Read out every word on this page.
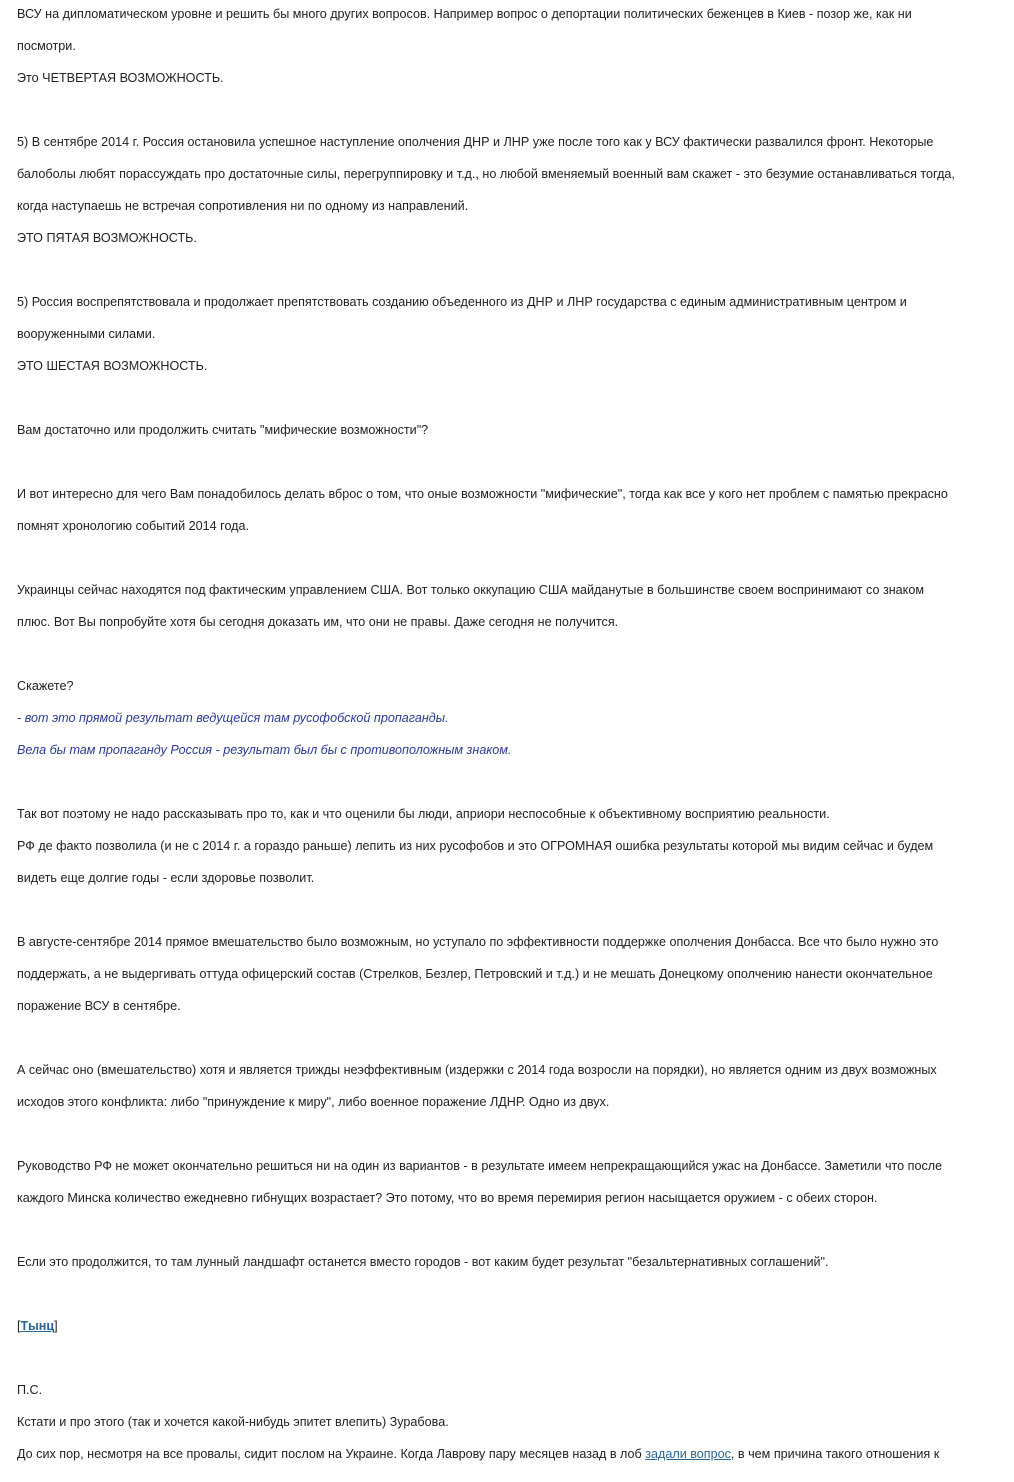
ВСУ на дипломатическом уровне и решить бы много других вопросов. Например вопрос о депортации политических беженцев в Киев - позор же, как ни

посмотри.

Это ЧЕТВЕРТАЯ ВОЗМОЖНОСТЬ.

5) В сентябре 2014 г. Россия остановила успешное наступление ополчения ДНР и ЛНР уже после того как у ВСУ фактически развалился фронт. Некоторые

балоболы любят порассуждать про достаточные силы, перегруппировку и т.д., но любой вменяемый военный вам скажет - это безумие останавливаться тогда,

когда наступаешь не встречая сопротивления ни по одному из направлений.

ЭТО ПЯТАЯ ВОЗМОЖНОСТЬ.

5) Россия воспрепятствовала и продолжает препятствовать созданию объеденного из ДНР и ЛНР государства с единым административным центром и

вооруженными силами.

ЭТО ШЕСТАЯ ВОЗМОЖНОСТЬ.

Вам достаточно или продолжить считать "мифические возможности"?

И вот интересно для чего Вам понадобилось делать вброс о том, что оные возможности "мифические", тогда как все у кого нет проблем с памятью прекрасно

помнят хронологию событий 2014 года.

Украинцы сейчас находятся под фактическим управлением США. Вот только оккупацию США майданутые в большинстве своем воспринимают со знаком

плюс. Вот Вы попробуйте хотя бы сегодня доказать им, что они не правы. Даже сегодня не получится.

Скажете?

- вот это прямой результат ведущейся там русофобской пропаганды.

Вела бы там пропаганду Россия - результат был бы с противоположным знаком.

Так вот поэтому не надо рассказывать про то, как и что оценили бы люди, априори неспособные к объективному восприятию реальности.

РФ де факто позволила (и не с 2014 г. а гораздо раньше) лепить из них русофобов и это ОГРОМНАЯ ошибка результаты которой мы видим сейчас и будем

видеть еще долгие годы - если здоровье позволит.

В августе-сентябре 2014 прямое вмешательство было возможным, но уступало по эффективности поддержке ополчения Донбасса. Все что было нужно это

поддержать, а не выдергивать оттуда офицерский состав (Стрелков, Безлер, Петровский и т.д.) и не мешать Донецкому ополчению нанести окончательное

поражение ВСУ в сентябре.

А сейчас оно (вмешательство) хотя и является трижды неэффективным (издержки с 2014 года возросли на порядки), но является одним из двух возможных

исходов этого конфликта: либо "принуждение к миру", либо военное поражение ЛДНР. Одно из двух.

Руководство РФ не может окончательно решиться ни на один из вариантов - в результате имеем непрекращающийся ужас на Донбассе. Заметили что после

каждого Минска количество ежедневно гибнущих возрастает? Это потому, что во время перемирия регион насыщается оружием - с обеих сторон.

Если это продолжится, то там лунный ландшафт останется вместо городов - вот каким будет результат "безальтернативных соглашений".

[Тынц]

П.С.

Кстати и про этого (так и хочется какой-нибудь эпитет влепить) Зурабова.

До сих пор, несмотря на все провалы, сидит послом на Украине. Когда Лаврову пару месяцев назад в лоб задали вопрос, в чем причина такого отношения к
